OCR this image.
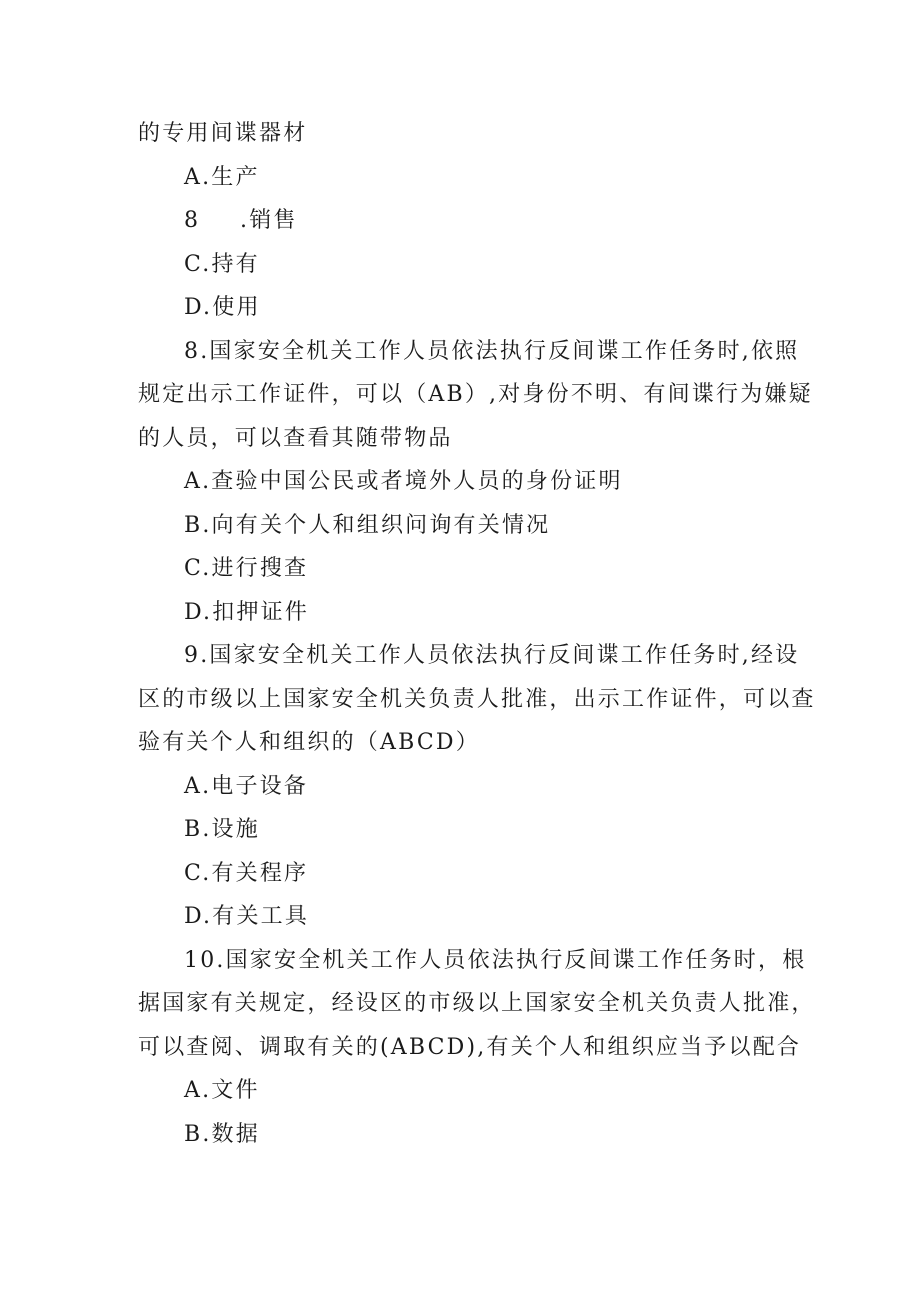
的专用间谍器材
A.生产
8 .销售
C.持有
D.使用
8.国家安全机关工作人员依法执行反间谍工作任务时,依照
规定出示工作证件，可以（AB）,对身份不明、有间谍行为嫌疑
的人员，可以查看其随带物品
A.查验中国公民或者境外人员的身份证明
B.向有关个人和组织问询有关情况
C.进行搜查
D.扣押证件
9.国家安全机关工作人员依法执行反间谍工作任务时,经设
区的市级以上国家安全机关负责人批准，出示工作证件，可以查
验有关个人和组织的（ABCD）
A.电子设备
B.设施
C.有关程序
D.有关工具
10.国家安全机关工作人员依法执行反间谍工作任务时，根
据国家有关规定，经设区的市级以上国家安全机关负责人批准，
可以查阅、调取有关的(ABCD),有关个人和组织应当予以配合
A.文件
B.数据
